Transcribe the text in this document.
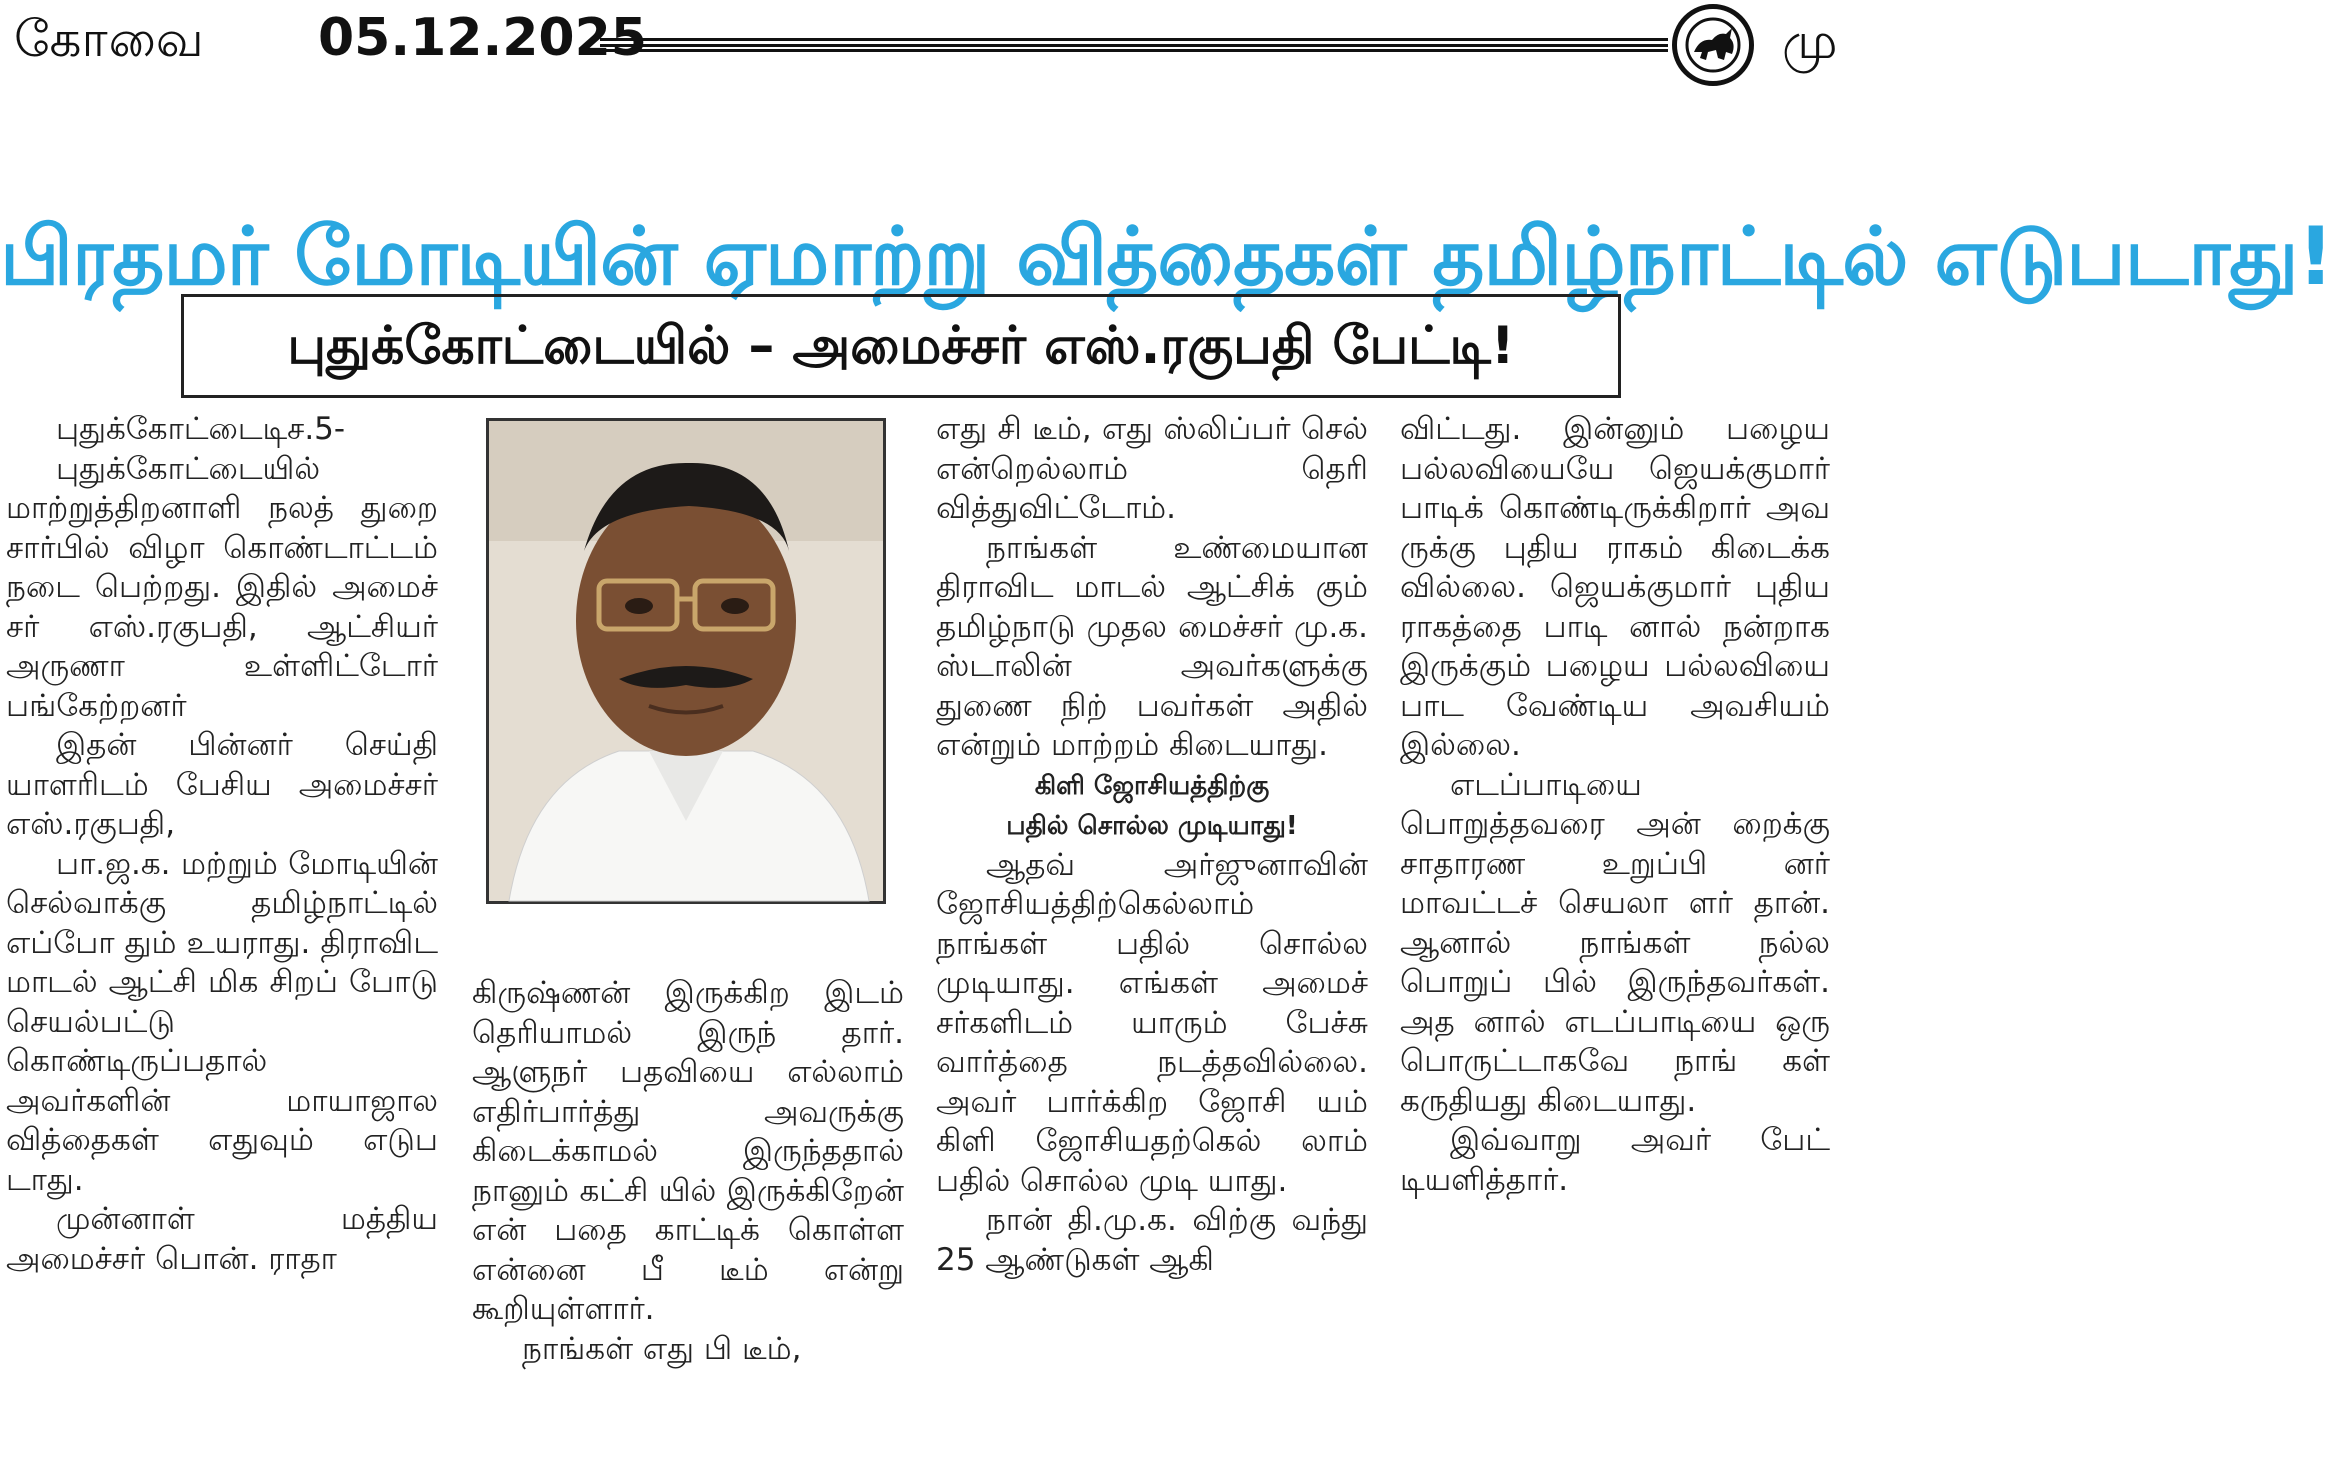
கோவை 05.12.2025	மு
பிரதமர் மோடியின் ஏமாற்று வித்தைகள் தமிழ்நாட்டில் எடுபடாது!
புதுக்கோட்டையில் – அமைச்சர் எஸ்.ரகுபதி பேட்டி!

புதுக்கோட்டைடிச.5-

புதுக்கோட்டையில் மாற்றுத்திறனாளி நலத் துறை சார்பில் விழா கொண்டாட்டம் நடை பெற்றது. இதில் அமைச் சர் எஸ்.ரகுபதி, ஆட்சியர் அருணா உள்ளிட்டோர் பங்கேற்றனர்

இதன் பின்னர் செய்தி யாளரிடம் பேசிய அமைச்சர் எஸ்.ரகுபதி,

பா.ஜ.க. மற்றும் மோடியின் செல்வாக்கு தமிழ்நாட்டில் எப்போ தும் உயராது. திராவிட மாடல் ஆட்சி மிக சிறப் போடு செயல்பட்டு கொண்டிருப்பதால் அவர்களின் மாயாஜால வித்தைகள் எதுவும் எடுப டாது.

முன்னாள் மத்திய அமைச்சர் பொன். ராதா

கிருஷ்ணன் இருக்கிற இடம் தெரியாமல் இருந் தார். ஆளுநர் பதவியை எல்லாம் எதிர்பார்த்து அவருக்கு கிடைக்காமல் இருந்ததால் நானும் கட்சி யில் இருக்கிறேன் என் பதை காட்டிக் கொள்ள என்னை பீ டீம் என்று கூறியுள்ளார்.

நாங்கள் எது பி டீம்,

எது சி டீம், எது ஸ்லிப்பர் செல் என்றெல்லாம் தெரி வித்துவிட்டோம்.

நாங்கள் உண்மையான திராவிட மாடல் ஆட்சிக் கும் தமிழ்நாடு முதல மைச்சர் மு.க. ஸ்டாலின் அவர்களுக்கு துணை நிற் பவர்கள் அதில் என்றும் மாற்றம் கிடையாது.

கிளி ஜோசியத்திற்கு
பதில் சொல்ல முடியாது!

ஆதவ் அர்ஜுனாவின் ஜோசியத்திற்கெல்லாம் நாங்கள் பதில் சொல்ல முடியாது. எங்கள் அமைச் சர்களிடம் யாரும் பேச்சு வார்த்தை நடத்தவில்லை. அவர் பார்க்கிற ஜோசி யம் கிளி ஜோசியதற்கெல் லாம் பதில் சொல்ல முடி யாது.

நான் தி.மு.க. விற்கு வந்து 25 ஆண்டுகள் ஆகி

விட்டது. இன்னும் பழைய பல்லவியையே ஜெயக்குமார் பாடிக் கொண்டிருக்கிறார் அவ ருக்கு புதிய ராகம் கிடைக்க வில்லை. ஜெயக்குமார் புதிய ராகத்தை பாடி னால் நன்றாக இருக்கும் பழைய பல்லவியை பாட வேண்டிய அவசியம் இல்லை.

எடப்பாடியை பொறுத்தவரை அன் றைக்கு சாதாரண உறுப்பி னர் மாவட்டச் செயலா ளர் தான். ஆனால் நாங்கள் நல்ல பொறுப் பில் இருந்தவர்கள். அத னால் எடப்பாடியை ஒரு பொருட்டாகவே நாங் கள் கருதியது கிடையாது.

இவ்வாறு அவர் பேட் டியளித்தார்.
